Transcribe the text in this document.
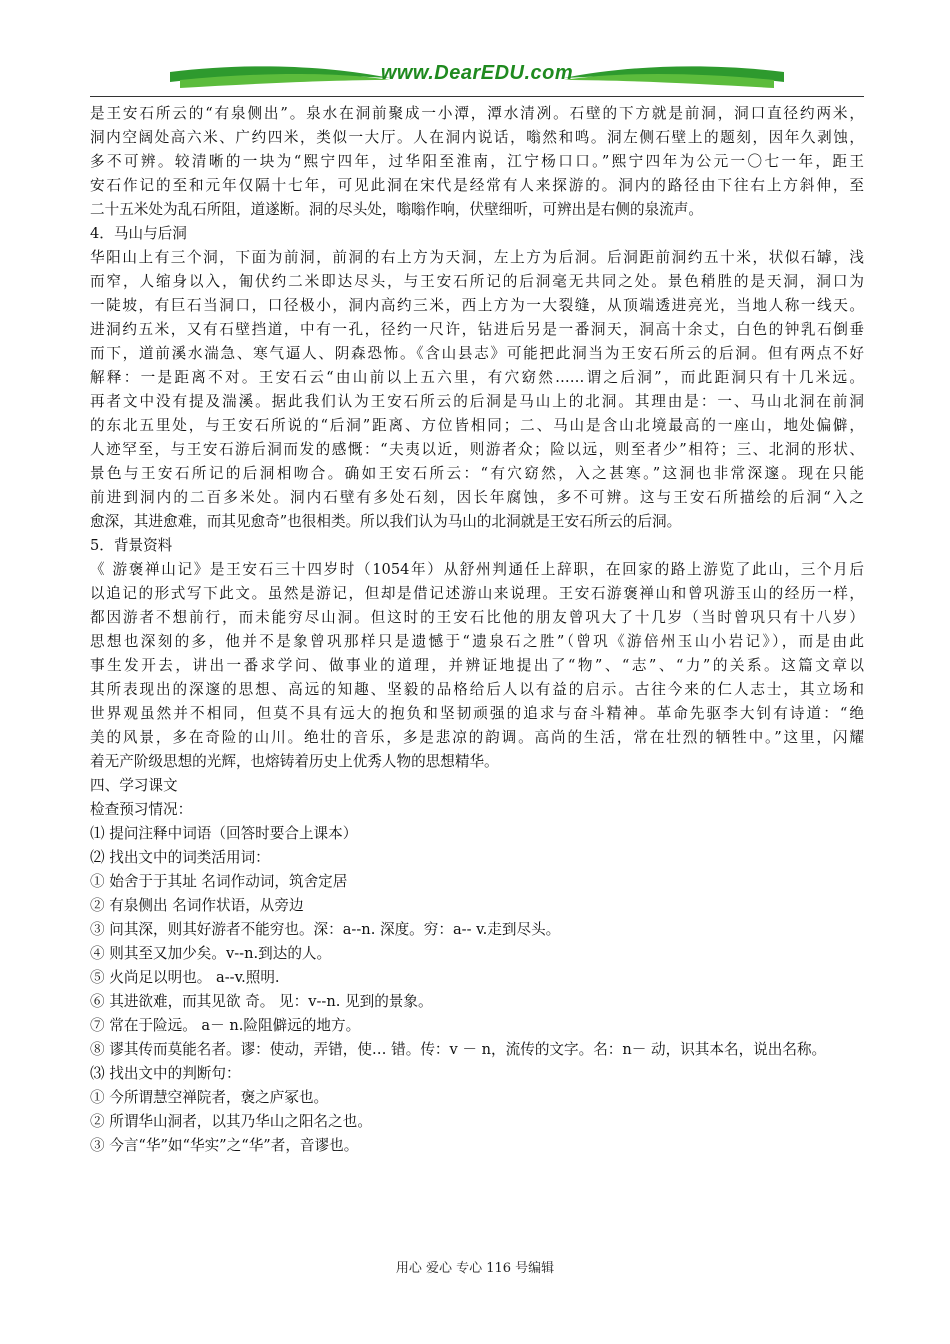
www.DearEDU.com
是王安石所云的“有泉侧出”。泉水在洞前聚成一小潭，潭水清冽。石壁的下方就是前洞，洞口直径约两米，
洞内空阔处高六米、广约四米，类似一大厅。人在洞内说话，嗡然和鸣。洞左侧石壁上的题刻，因年久剥蚀，
多不可辨。较清晰的一块为“熙宁四年，过华阳至淮南，江宁杨口口。”熙宁四年为公元一〇七一年，距王
安石作记的至和元年仅隔十七年，可见此洞在宋代是经常有人来探游的。洞内的路径由下往右上方斜伸，至
二十五米处为乱石所阻，道遂断。洞的尽头处，嗡嗡作响，伏壁细听，可辨出是右侧的泉流声。
4．马山与后洞
华阳山上有三个洞，下面为前洞，前洞的右上方为天洞，左上方为后洞。后洞距前洞约五十米，状似石罅，浅
而窄，人缩身以入，匍伏约二米即达尽头，与王安石所记的后洞毫无共同之处。景色稍胜的是天洞，洞口为
一陡坡，有巨石当洞口，口径极小，洞内高约三米，西上方为一大裂缝，从顶端透进亮光，当地人称一线天。
进洞约五米，又有石壁挡道，中有一孔，径约一尺许，钻进后另是一番洞天，洞高十余丈，白色的钟乳石倒垂
而下，道前溪水湍急、寒气逼人、阴森恐怖。《含山县志》可能把此洞当为王安石所云的后洞。但有两点不好
解释：一是距离不对。王安石云“由山前以上五六里，有穴窈然……谓之后洞”，而此距洞只有十几米远。
再者文中没有提及湍溪。据此我们认为王安石所云的后洞是马山上的北洞。其理由是：一、马山北洞在前洞
的东北五里处，与王安石所说的“后洞”距离、方位皆相同；二、马山是含山北境最高的一座山，地处偏僻，
人迹罕至，与王安石游后洞而发的感慨：“夫夷以近，则游者众；险以远，则至者少”相符；三、北洞的形状、
景色与王安石所记的后洞相吻合。确如王安石所云：“有穴窈然，入之甚寒。”这洞也非常深邃。现在只能
前进到洞内的二百多米处。洞内石壁有多处石刻，因长年腐蚀，多不可辨。这与王安石所描绘的后洞“入之
愈深，其进愈难，而其见愈奇”也很相类。所以我们认为马山的北洞就是王安石所云的后洞。
5．背景资料
《 游褒禅山记》是王安石三十四岁时（1054年）从舒州判通任上辞职，在回家的路上游览了此山，三个月后
以追记的形式写下此文。虽然是游记，但却是借记述游山来说理。王安石游褒禅山和曾巩游玉山的经历一样，
都因游者不想前行，而未能穷尽山洞。但这时的王安石比他的朋友曾巩大了十几岁（当时曾巩只有十八岁）
思想也深刻的多，他并不是象曾巩那样只是遗憾于“遗泉石之胜”（曾巩《游倍州玉山小岩记》），而是由此
事生发开去，讲出一番求学问、做事业的道理，并辨证地提出了“物”、“志”、“力”的关系。这篇文章以
其所表现出的深邃的思想、高远的知趣、坚毅的品格给后人以有益的启示。古往今来的仁人志士，其立场和
世界观虽然并不相同，但莫不具有远大的抱负和坚韧顽强的追求与奋斗精神。革命先驱李大钊有诗道：“绝
美的风景，多在奇险的山川。绝壮的音乐，多是悲凉的韵调。高尚的生活，常在壮烈的牺牲中。”这里，闪耀
着无产阶级思想的光辉，也熔铸着历史上优秀人物的思想精华。
四、学习课文
检查预习情况：
⑴ 提问注释中词语（回答时要合上课本）
⑵ 找出文中的词类活用词：
① 始舍于于其址 名词作动词，筑舍定居
② 有泉侧出 名词作状语，从旁边
③ 问其深，则其好游者不能穷也。深：a--n. 深度。穷：a-- v.走到尽头。
④ 则其至又加少矣。v--n.到达的人。
⑤ 火尚足以明也。 a--v.照明.
⑥ 其进欲难，而其见欲 奇。 见：v--n. 见到的景象。
⑦ 常在于险远。 a－ n.险阻僻远的地方。
⑧ 谬其传而莫能名者。谬：使动，弄错，使… 错。传：v － n，流传的文字。名：n－ 动，识其本名，说出名称。
⑶ 找出文中的判断句：
① 今所谓慧空禅院者，褒之庐冢也。
② 所谓华山洞者，以其乃华山之阳名之也。
③ 今言“华”如“华实”之“华”者，音谬也。
用心 爱心 专心 116 号编辑
